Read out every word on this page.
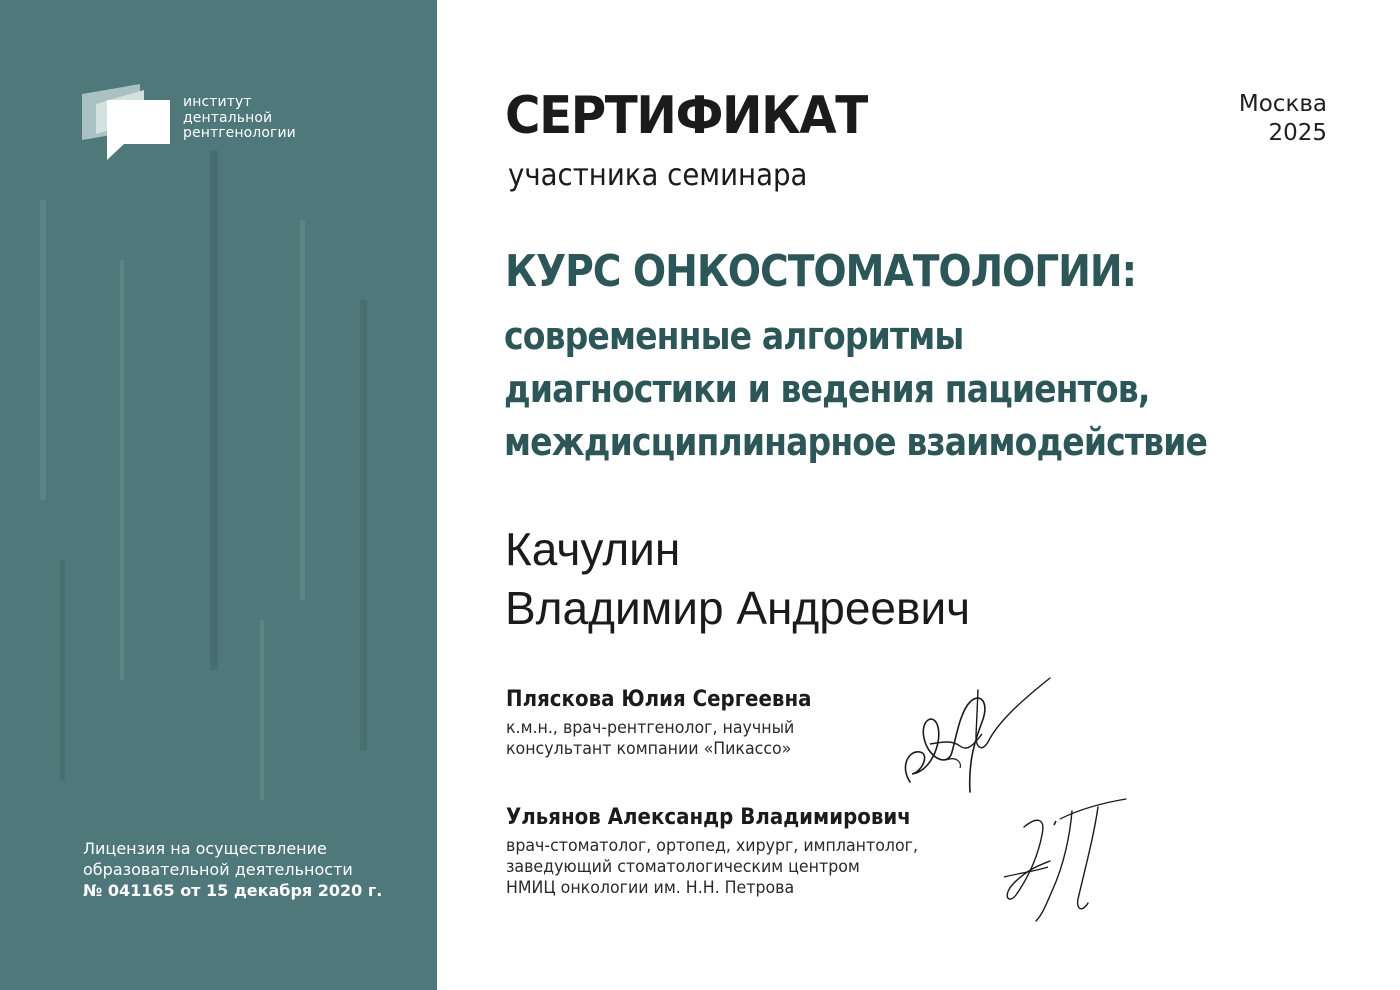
институт
дентальной
рентгенологии
Лицензия на осуществление
образовательной деятельности
№ 041165 от 15 декабря 2020 г.
Москва
2025
СЕРТИФИКАТ
участника семинара
КУРС ОНКОСТОМАТОЛОГИИ:
современные алгоритмы
диагностики и ведения пациентов,
междисциплинарное взаимодействие
Качулин
Владимир Андреевич
Пляскова Юлия Сергеевна
к.м.н., врач-рентгенолог, научный
консультант компании «Пикассо»
Ульянов Александр Владимирович
врач-стоматолог, ортопед, хирург, имплантолог,
заведующий стоматологическим центром
НМИЦ онкологии им. Н.Н. Петрова
